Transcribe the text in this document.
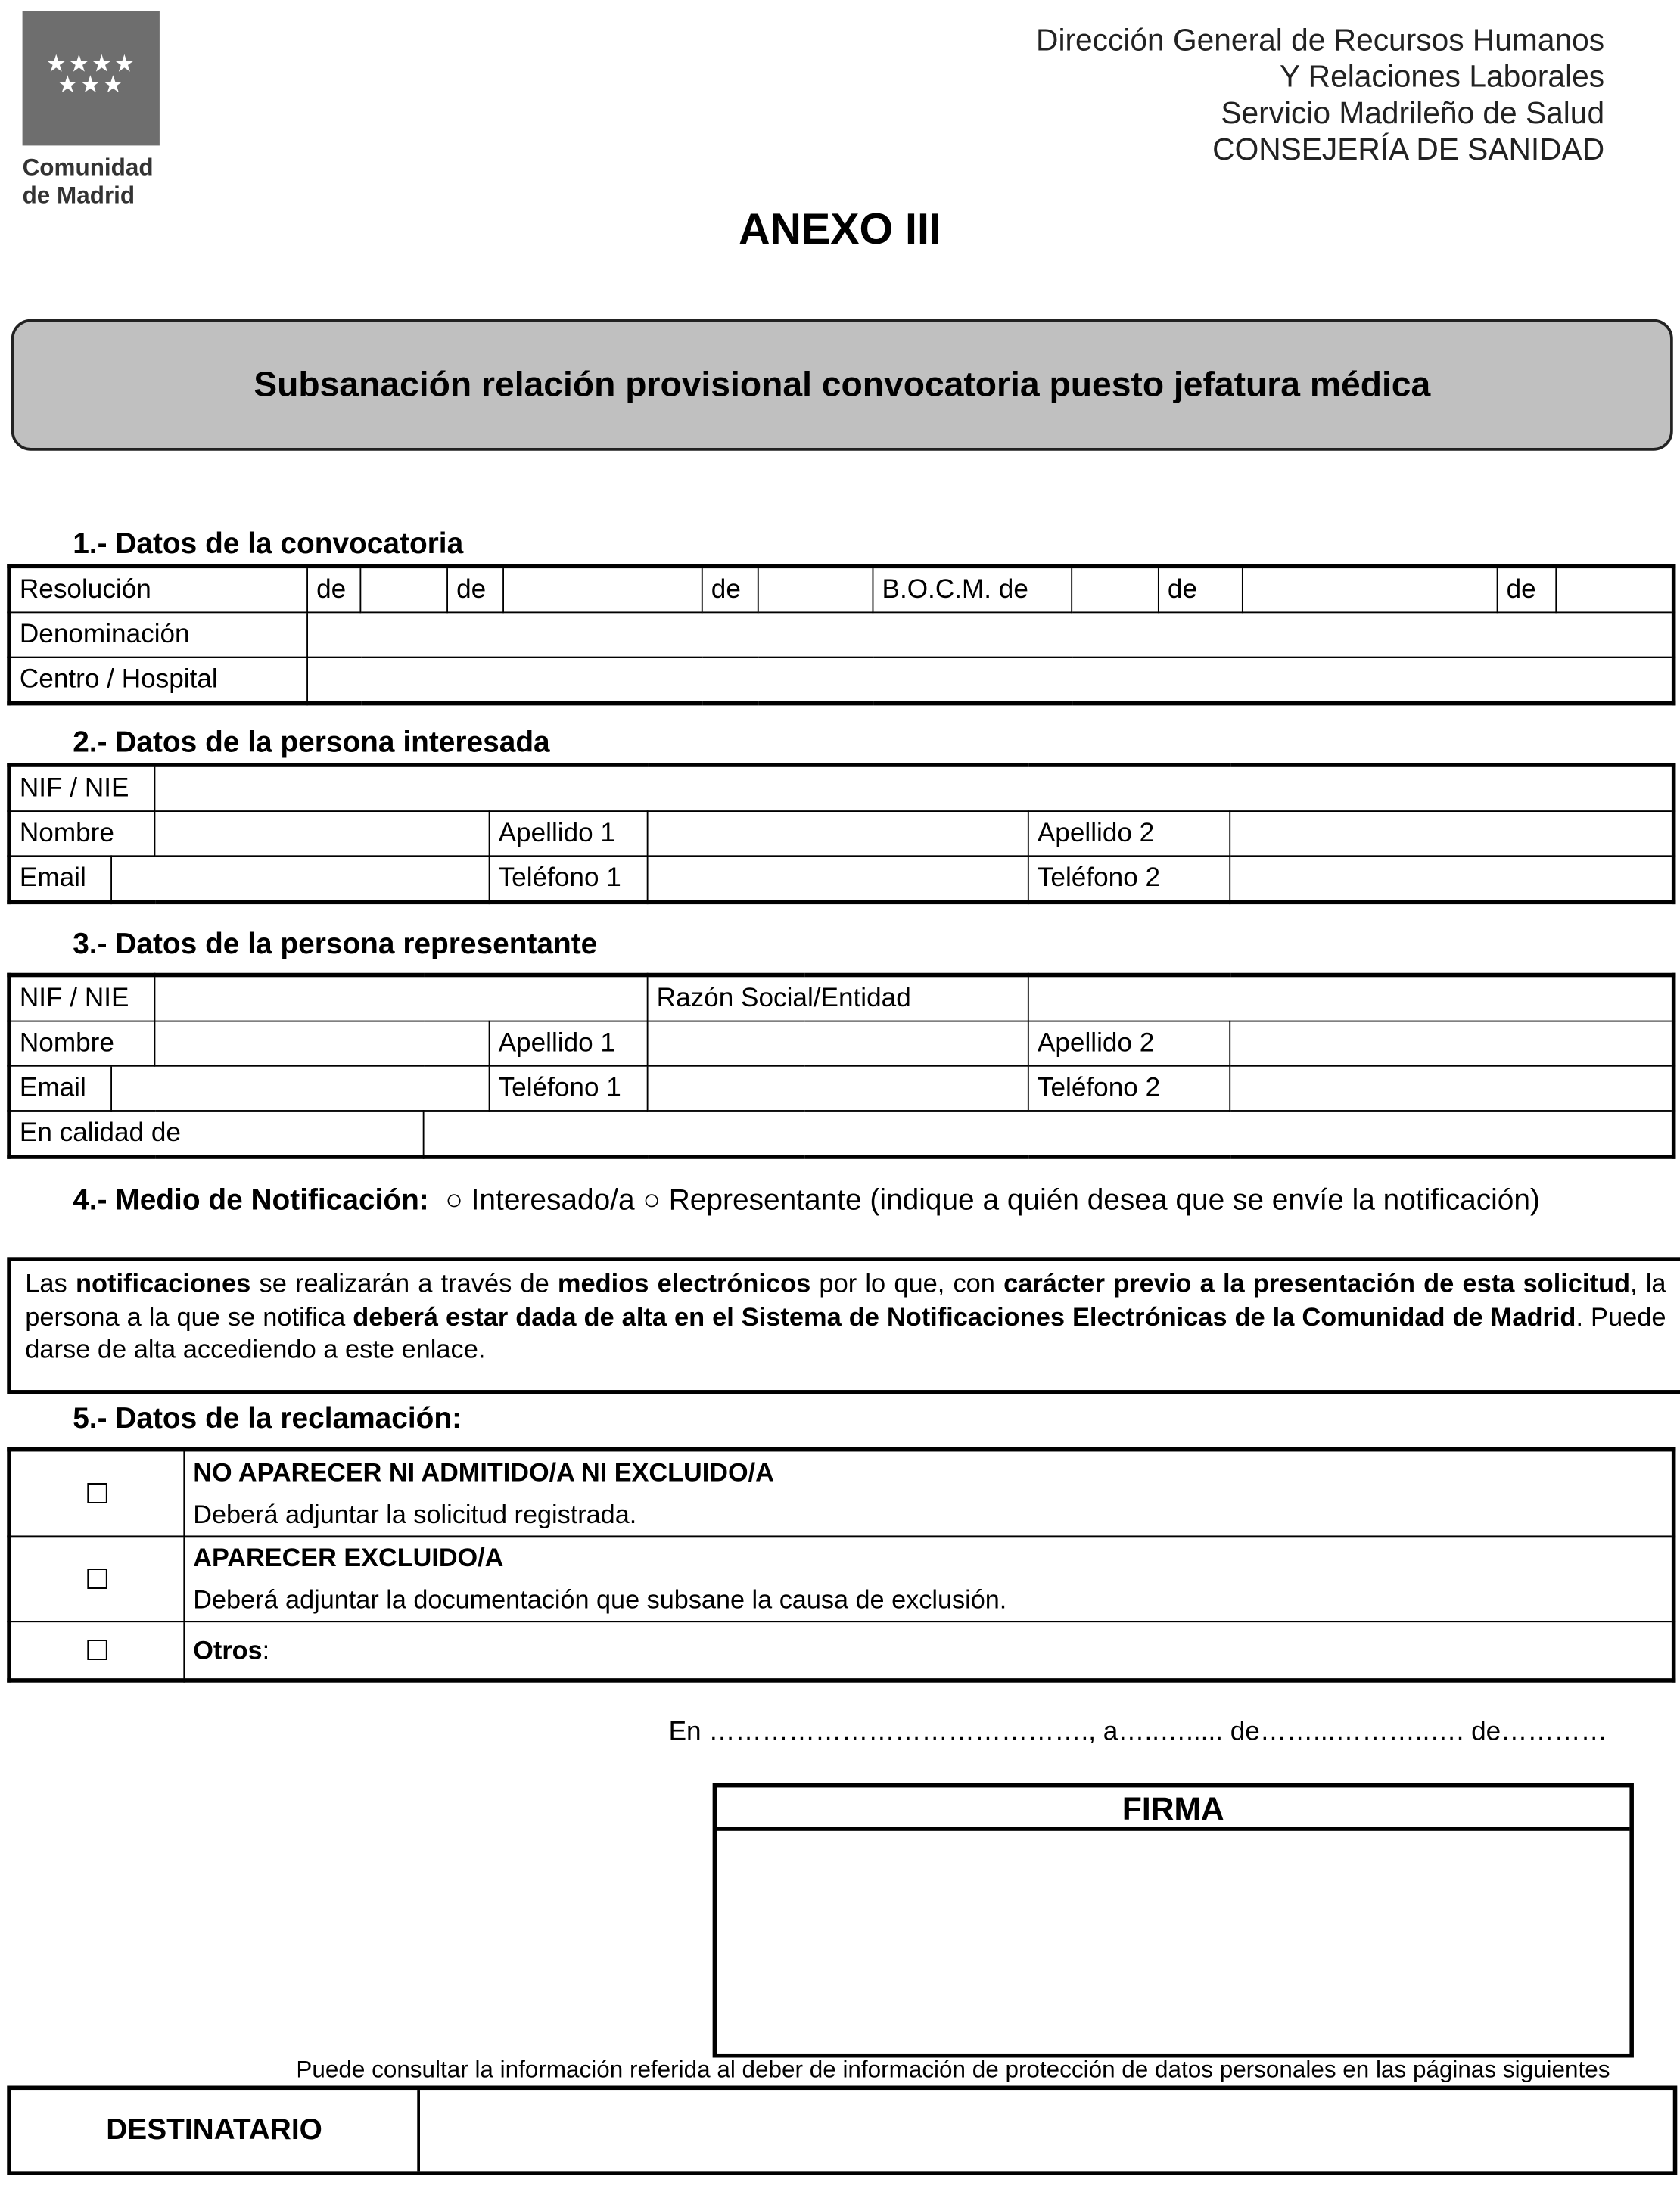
★★★★
★★★
Comunidad
de Madrid
Dirección General de Recursos Humanos
Y Relaciones Laborales
Servicio Madrileño de Salud
CONSEJERÍA DE SANIDAD
ANEXO III
Subsanación relación provisional convocatoria puesto jefatura médica
1.- Datos de la convocatoria
Resolución	de		de		de		B.O.C.M. de		de		de	
Denominación												
Centro / Hospital												
2.- Datos de la persona interesada
NIF / NIE						
Nombre			Apellido 1		Apellido 2	
Email			Teléfono 1		Teléfono 2	
3.- Datos de la persona representante
NIF / NIE					Razón Social/Entidad		
Nombre				Apellido 1		Apellido 2	
Email				Teléfono 1		Teléfono 2	
En calidad de							
4.- Medio de Notificación:  ○ Interesado/a ○ Representante (indique a quién desea que se envíe la notificación)
Las notificaciones se realizarán a través de medios electrónicos por lo que, con carácter previo a la presentación de esta solicitud, la persona a la que se notifica deberá estar dada de alta en el Sistema de Notificaciones Electrónicas de la Comunidad de Madrid. Puede darse de alta accediendo a este enlace.
5.- Datos de la reclamación:
☐	NO APARECER NI ADMITIDO/A NI EXCLUIDO/A
Deberá adjuntar la solicitud registrada.
☐	APARECER EXCLUIDO/A
Deberá adjuntar la documentación que subsane la causa de exclusión.
☐	Otros:
En ……………………………………., a…..…..... de……...………..…. de…………
FIRMA
Puede consultar la información referida al deber de información de protección de datos personales en las páginas siguientes
DESTINATARIO
